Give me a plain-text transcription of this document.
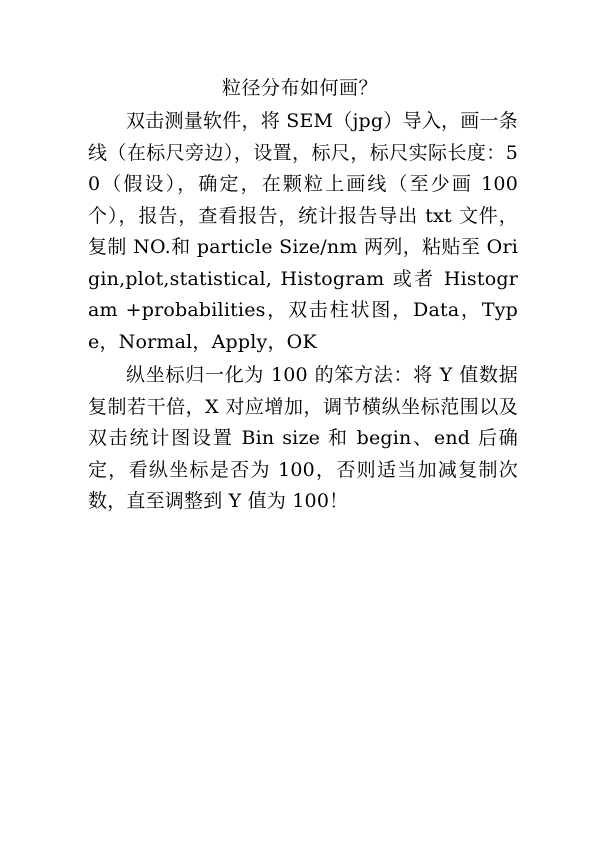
粒径分布如何画？
双击测量软件，将 SEM（jpg）导入，画一条线（在标尺旁边），设置，标尺，标尺实际长度：50（假设），确定，在颗粒上画线（至少画 100 个），报告，查看报告，统计报告导出 txt 文件，复制 NO.和 particle Size/nm 两列，粘贴至 Origin,plot,statistical, Histogram 或者 Histogram +probabilities，双击柱状图，Data，Type，Normal，Apply，OK
纵坐标归一化为 100 的笨方法：将 Y 值数据复制若干倍，X 对应增加，调节横纵坐标范围以及双击统计图设置 Bin size 和 begin、end 后确定，看纵坐标是否为 100，否则适当加减复制次数，直至调整到 Y 值为 100！
